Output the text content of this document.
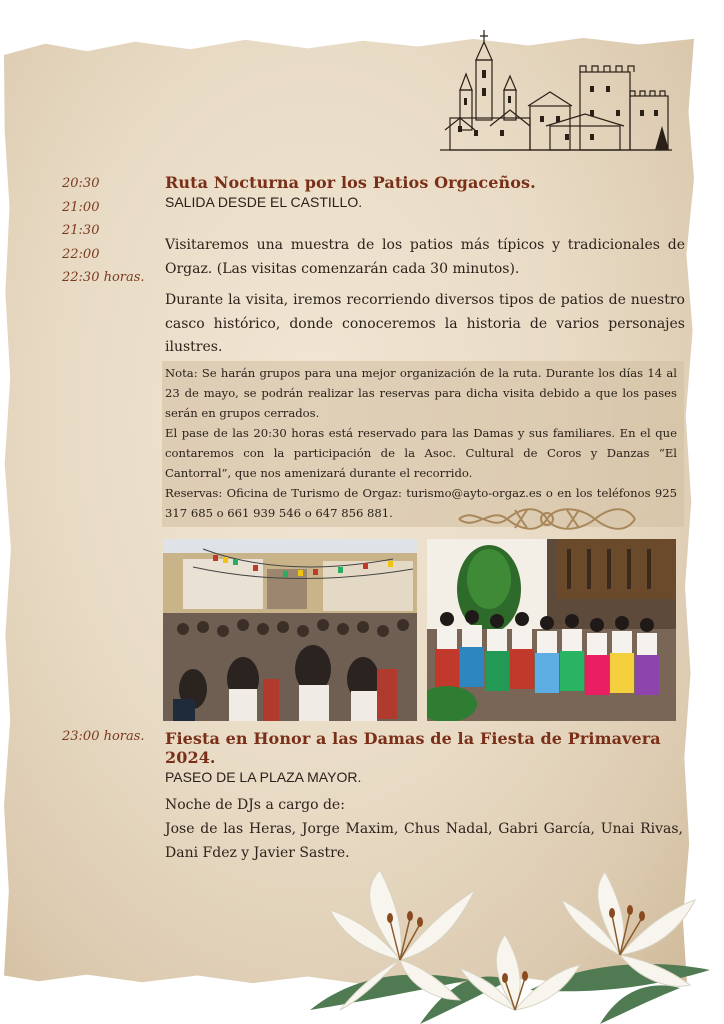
20:30
21:00
21:30
22:00
22:30 horas.
Ruta Nocturna por los Patios Orgaceños.
SALIDA DESDE EL CASTILLO.
Visitaremos una muestra de los patios más típicos y tradicionales de Orgaz. (Las visitas comenzarán cada 30 minutos).
Durante la visita, iremos recorriendo diversos tipos de patios de nuestro casco histórico, donde conoceremos la historia de varios personajes ilustres.
Nota: Se harán grupos para una mejor organización de la ruta. Durante los días 14 al 23 de mayo, se podrán realizar las reservas para dicha visita debido a que los pases serán en grupos cerrados.
El pase de las 20:30 horas está reservado para las Damas y sus familiares. En el que contaremos con la participación de la Asoc. Cultural de Coros y Danzas “El Cantorral”, que nos amenizará durante el recorrido.
Reservas: Oficina de Turismo de Orgaz: turismo@ayto-orgaz.es o en los teléfonos 925 317 685 o 661 939 546 o 647 856 881.
23:00 horas. Fiesta en Honor a las Damas de la Fiesta de Primavera 2024.
PASEO DE LA PLAZA MAYOR.
Noche de DJs a cargo de:
Jose de las Heras, Jorge Maxim, Chus Nadal, Gabri García, Unai Rivas, Dani Fdez y Javier Sastre.
